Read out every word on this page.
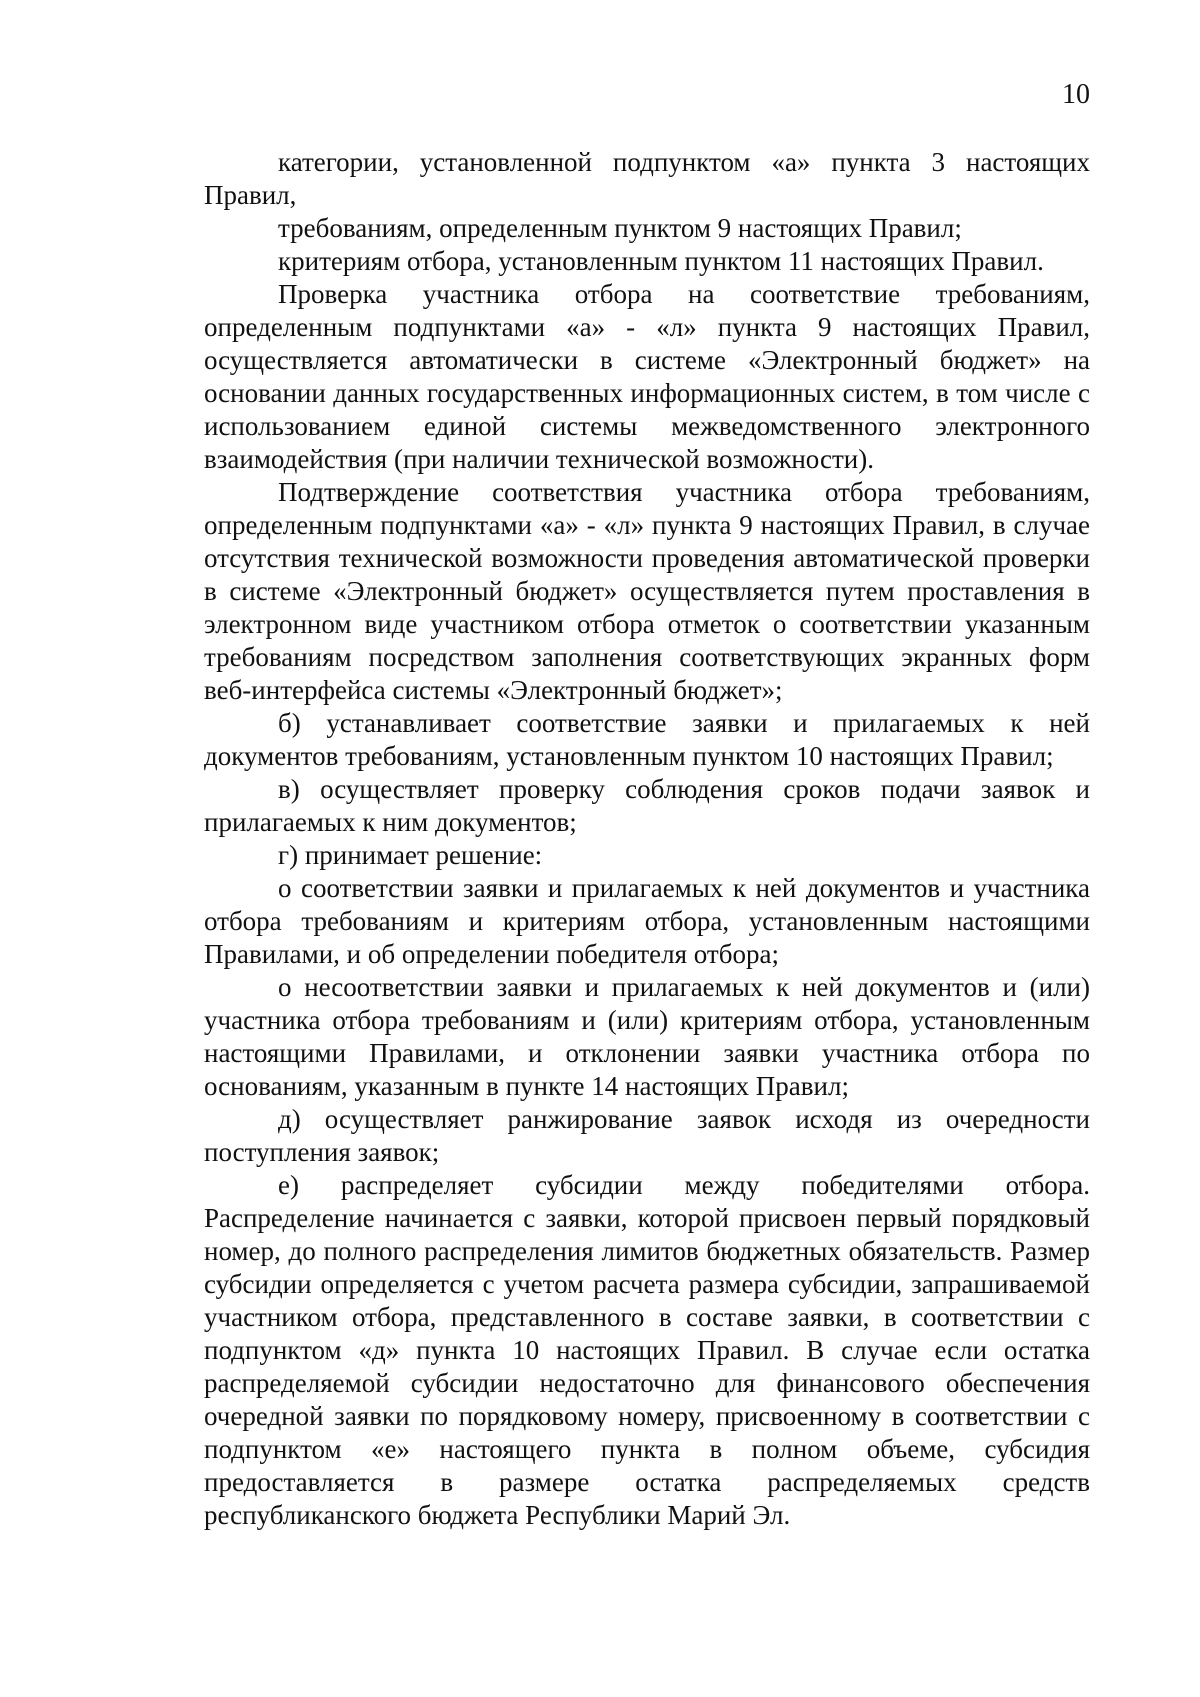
10

категории, установленной подпунктом «а» пункта 3 настоящих Правил,

требованиям, определенным пунктом 9 настоящих Правил;

критериям отбора, установленным пунктом 11 настоящих Правил.

Проверка участника отбора на соответствие требованиям, определенным подпунктами «а» - «л» пункта 9 настоящих Правил, осуществляется автоматически в системе «Электронный бюджет» на основании данных государственных информационных систем, в том числе с использованием единой системы межведомственного электронного взаимодействия (при наличии технической возможности).

Подтверждение соответствия участника отбора требованиям, определенным подпунктами «а» - «л» пункта 9 настоящих Правил, в случае отсутствия технической возможности проведения автоматической проверки в системе «Электронный бюджет» осуществляется путем проставления в электронном виде участником отбора отметок о соответствии указанным требованиям посредством заполнения соответствующих экранных форм веб-интерфейса системы «Электронный бюджет»;

б) устанавливает соответствие заявки и прилагаемых к ней документов требованиям, установленным пунктом 10 настоящих Правил;

в) осуществляет проверку соблюдения сроков подачи заявок и прилагаемых к ним документов;

г) принимает решение:

о соответствии заявки и прилагаемых к ней документов и участника отбора требованиям и критериям отбора, установленным настоящими Правилами, и об определении победителя отбора;

о несоответствии заявки и прилагаемых к ней документов и (или) участника отбора требованиям и (или) критериям отбора, установленным настоящими Правилами, и отклонении заявки участника отбора по основаниям, указанным в пункте 14 настоящих Правил;

д) осуществляет ранжирование заявок исходя из очередности поступления заявок;

е) распределяет субсидии между победителями отбора. Распределение начинается с заявки, которой присвоен первый порядковый номер, до полного распределения лимитов бюджетных обязательств. Размер субсидии определяется с учетом расчета размера субсидии, запрашиваемой участником отбора, представленного в составе заявки, в соответствии с подпунктом «д» пункта 10 настоящих Правил. В случае если остатка распределяемой субсидии недостаточно для финансового обеспечения очередной заявки по порядковому номеру, присвоенному в соответствии с подпунктом «е» настоящего пункта в полном объеме, субсидия предоставляется в размере остатка распределяемых средств республиканского бюджета Республики Марий Эл.
